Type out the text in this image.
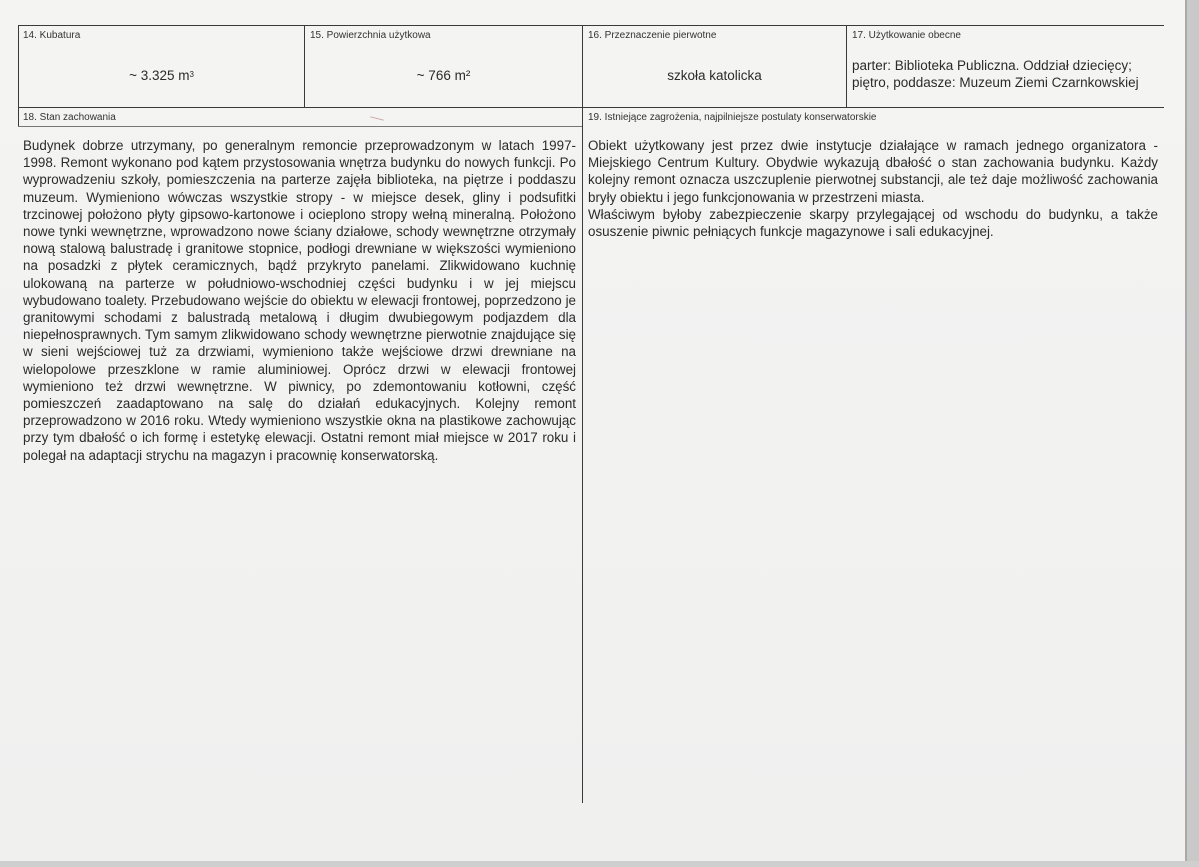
14. Kubatura
~ 3.325 m 3
15. Powierzchnia użytkowa
~ 766 m²
16. Przeznaczenie pierwotne
szkoła katolicka
17. Użytkowanie obecne
parter: Biblioteka Publiczna. Oddział dziecięcy; piętro, poddasze: Muzeum Ziemi Czarnkowskiej
18. Stan zachowania

Budynek dobrze utrzymany, po generalnym remoncie przeprowadzonym w latach 1997-1998. Remont wykonano pod kątem przystosowania wnętrza budynku do nowych funkcji. Po wyprowadzeniu szkoły, pomieszczenia na parterze zajęła biblioteka, na piętrze i poddaszu muzeum. Wymieniono wówczas wszystkie stropy - w miejsce desek, gliny i podsufitki trzcinowej położono płyty gipsowo-kartonowe i ocieplono stropy wełną mineralną. Położono nowe tynki wewnętrzne, wprowadzono nowe ściany działowe, schody wewnętrzne otrzymały nową stalową balustradę i granitowe stopnice, podłogi drewniane w większości wymieniono na posadzki z płytek ceramicznych, bądź przykryto panelami. Zlikwidowano kuchnię ulokowaną na parterze w południowo-wschodniej części budynku i w jej miejscu wybudowano toalety. Przebudowano wejście do obiektu w elewacji frontowej, poprzedzono je granitowymi schodami z balustradą metalową i długim dwubiegowym podjazdem dla niepełnosprawnych. Tym samym zlikwidowano schody wewnętrzne pierwotnie znajdujące się w sieni wejściowej tuż za drzwiami, wymieniono także wejściowe drzwi drewniane na wielopolowe przeszklone w ramie aluminiowej. Oprócz drzwi w elewacji frontowej wymieniono też drzwi wewnętrzne. W piwnicy, po zdemontowaniu kotłowni, część pomieszczeń zaadaptowano na salę do działań edukacyjnych. Kolejny remont przeprowadzono w 2016 roku. Wtedy wymieniono wszystkie okna na plastikowe zachowując przy tym dbałość o ich formę i estetykę elewacji. Ostatni remont miał miejsce w 2017 roku i polegał na adaptacji strychu na magazyn i pracownię konserwatorską.

19. Istniejące zagrożenia, najpilniejsze postulaty konserwatorskie

Obiekt użytkowany jest przez dwie instytucje działające w ramach jednego organizatora - Miejskiego Centrum Kultury. Obydwie wykazują dbałość o stan zachowania budynku. Każdy kolejny remont oznacza uszczuplenie pierwotnej substancji, ale też daje możliwość zachowania bryły obiektu i jego funkcjonowania w przestrzeni miasta.

Właściwym byłoby zabezpieczenie skarpy przylegającej od wschodu do budynku, a także osuszenie piwnic pełniących funkcje magazynowe i sali edukacyjnej.
